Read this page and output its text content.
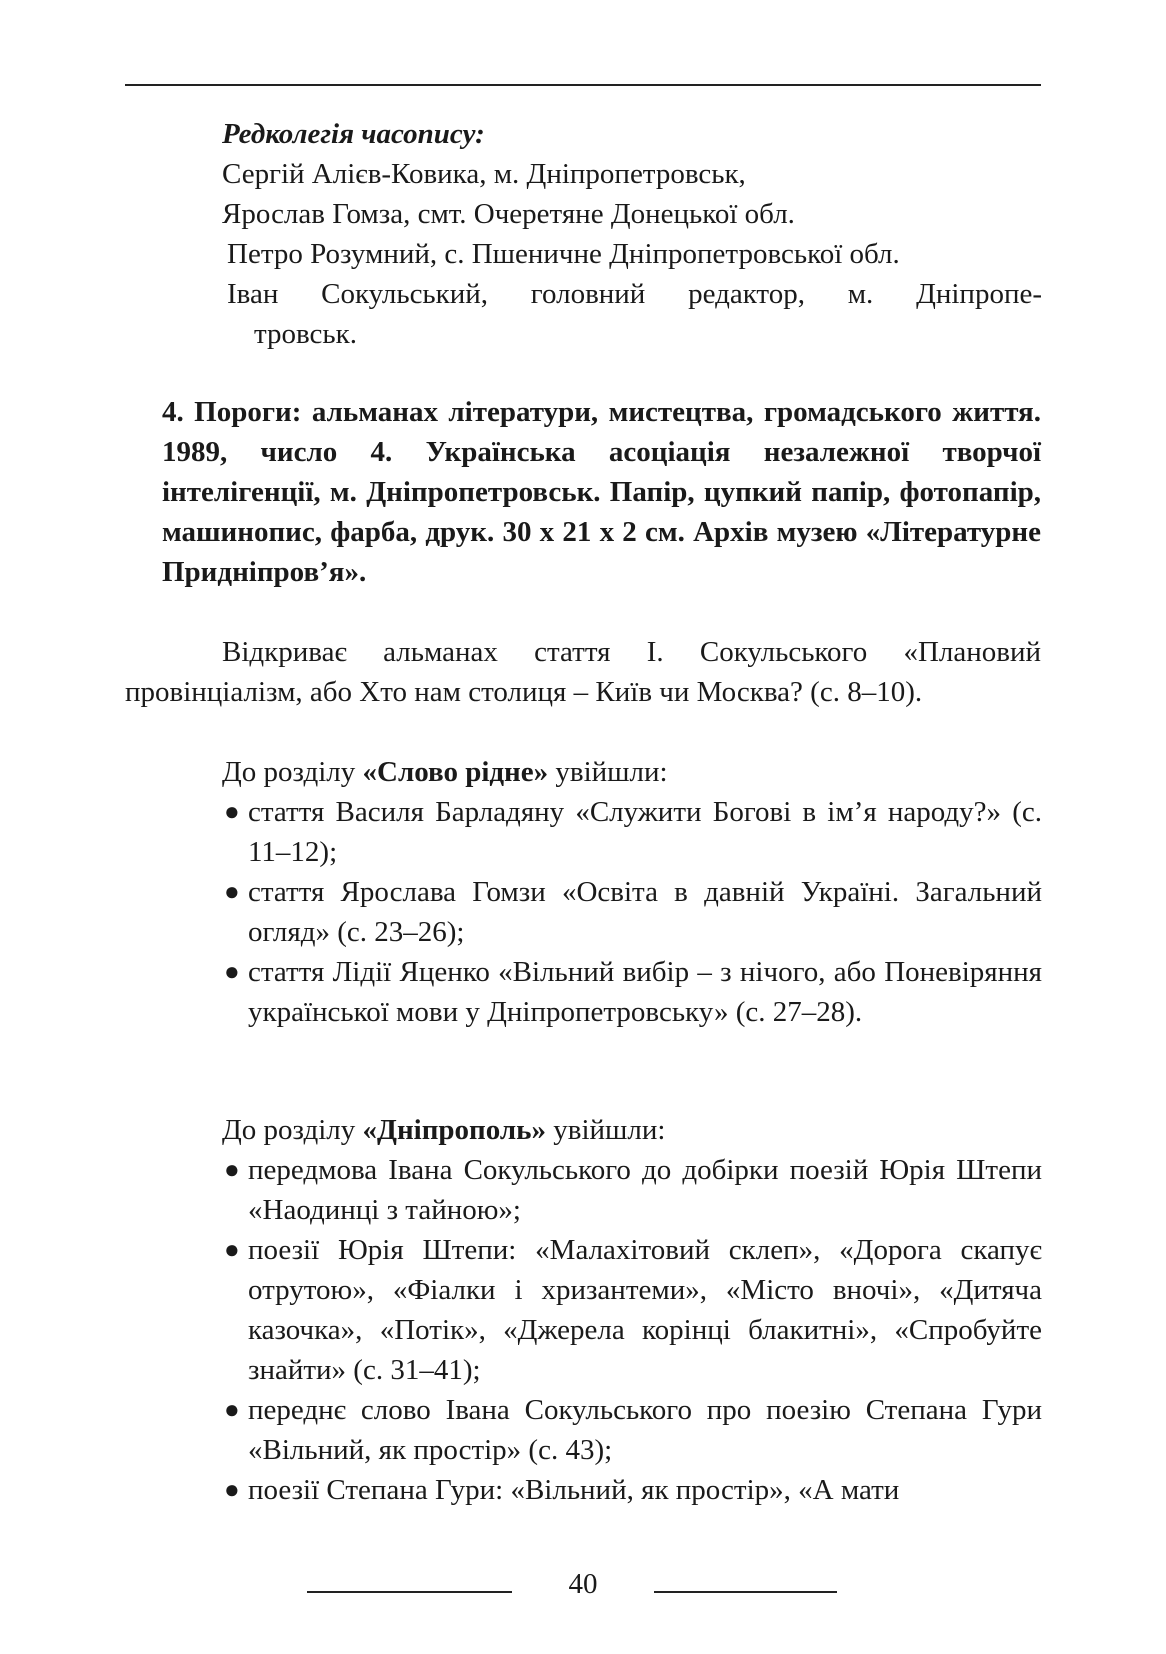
Редколегія часопису:
Сергій Алієв-Ковика, м. Дніпропетровськ,
Ярослав Гомза, смт. Очеретяне Донецької обл.
Петро Розумний, с. Пшеничне Дніпропетровської обл.
Іван Сокульський, головний редактор, м. Дніпропе-
тровськ.
4. Пороги: альманах літератури, мистецтва, громадського життя. 1989, число 4. Українська асоціація незалежної творчої інтелігенції, м. Дніпропетровськ. Папір, цупкий папір, фотопапір, машинопис, фарба, друк. 30 х 21 х 2 см. Архів музею «Літературне Придніпров’я».
Відкриває альманах стаття І. Сокульського «Плановий провінціалізм, або Хто нам столиця – Київ чи Москва? (с. 8–10).
До розділу «Слово рідне» увійшли:
● стаття Василя Барладяну «Служити Богові в ім’я народу?» (с. 11–12);
● стаття Ярослава Гомзи «Освіта в давній Україні. Загальний огляд» (с. 23–26);
● стаття Лідії Яценко «Вільний вибір – з нічого, або Поневіряння української мови у Дніпропетровську» (с. 27–28).
До розділу «Дніпрополь» увійшли:
● передмова Івана Сокульського до добірки поезій Юрія Штепи «Наодинці з тайною»;
● поезії Юрія Штепи: «Малахітовий склеп», «Дорога скапує отрутою», «Фіалки і хризантеми», «Місто вночі», «Дитяча казочка», «Потік», «Джерела корінці блакитні», «Спробуйте знайти» (с. 31–41);
● переднє слово Івана Сокульського про поезію Степана Гури «Вільний, як простір» (с. 43);
● поезії Степана Гури: «Вільний, як простір», «А мати
40
